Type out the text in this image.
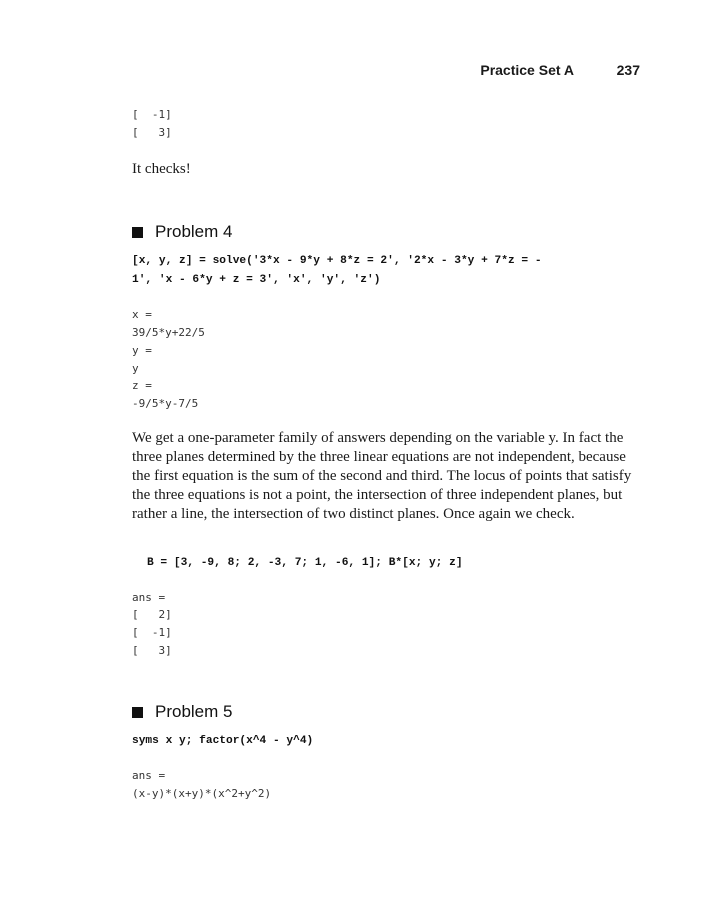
Practice Set A	237
[  -1]
[   3]

It checks!

Problem 4
[x, y, z] = solve('3*x - 9*y + 8*z = 2', '2*x - 3*y + 7*z = -
1', 'x - 6*y + z = 3', 'x', 'y', 'z')
x =
39/5*y+22/5
y =
y
z =
-9/5*y-7/5

We get a one-parameter family of answers depending on the variable y. In fact the three planes determined by the three linear equations are not independent, because the first equation is the sum of the second and third. The locus of points that satisfy the three equations is not a point, the intersection of three independent planes, but rather a line, the intersection of two distinct planes. Once again we check.

B = [3, -9, 8; 2, -3, 7; 1, -6, 1]; B*[x; y; z]
ans =
[   2]
[  -1]
[   3]
Problem 5
syms x y; factor(x^4 - y^4)
ans =
(x-y)*(x+y)*(x^2+y^2)
